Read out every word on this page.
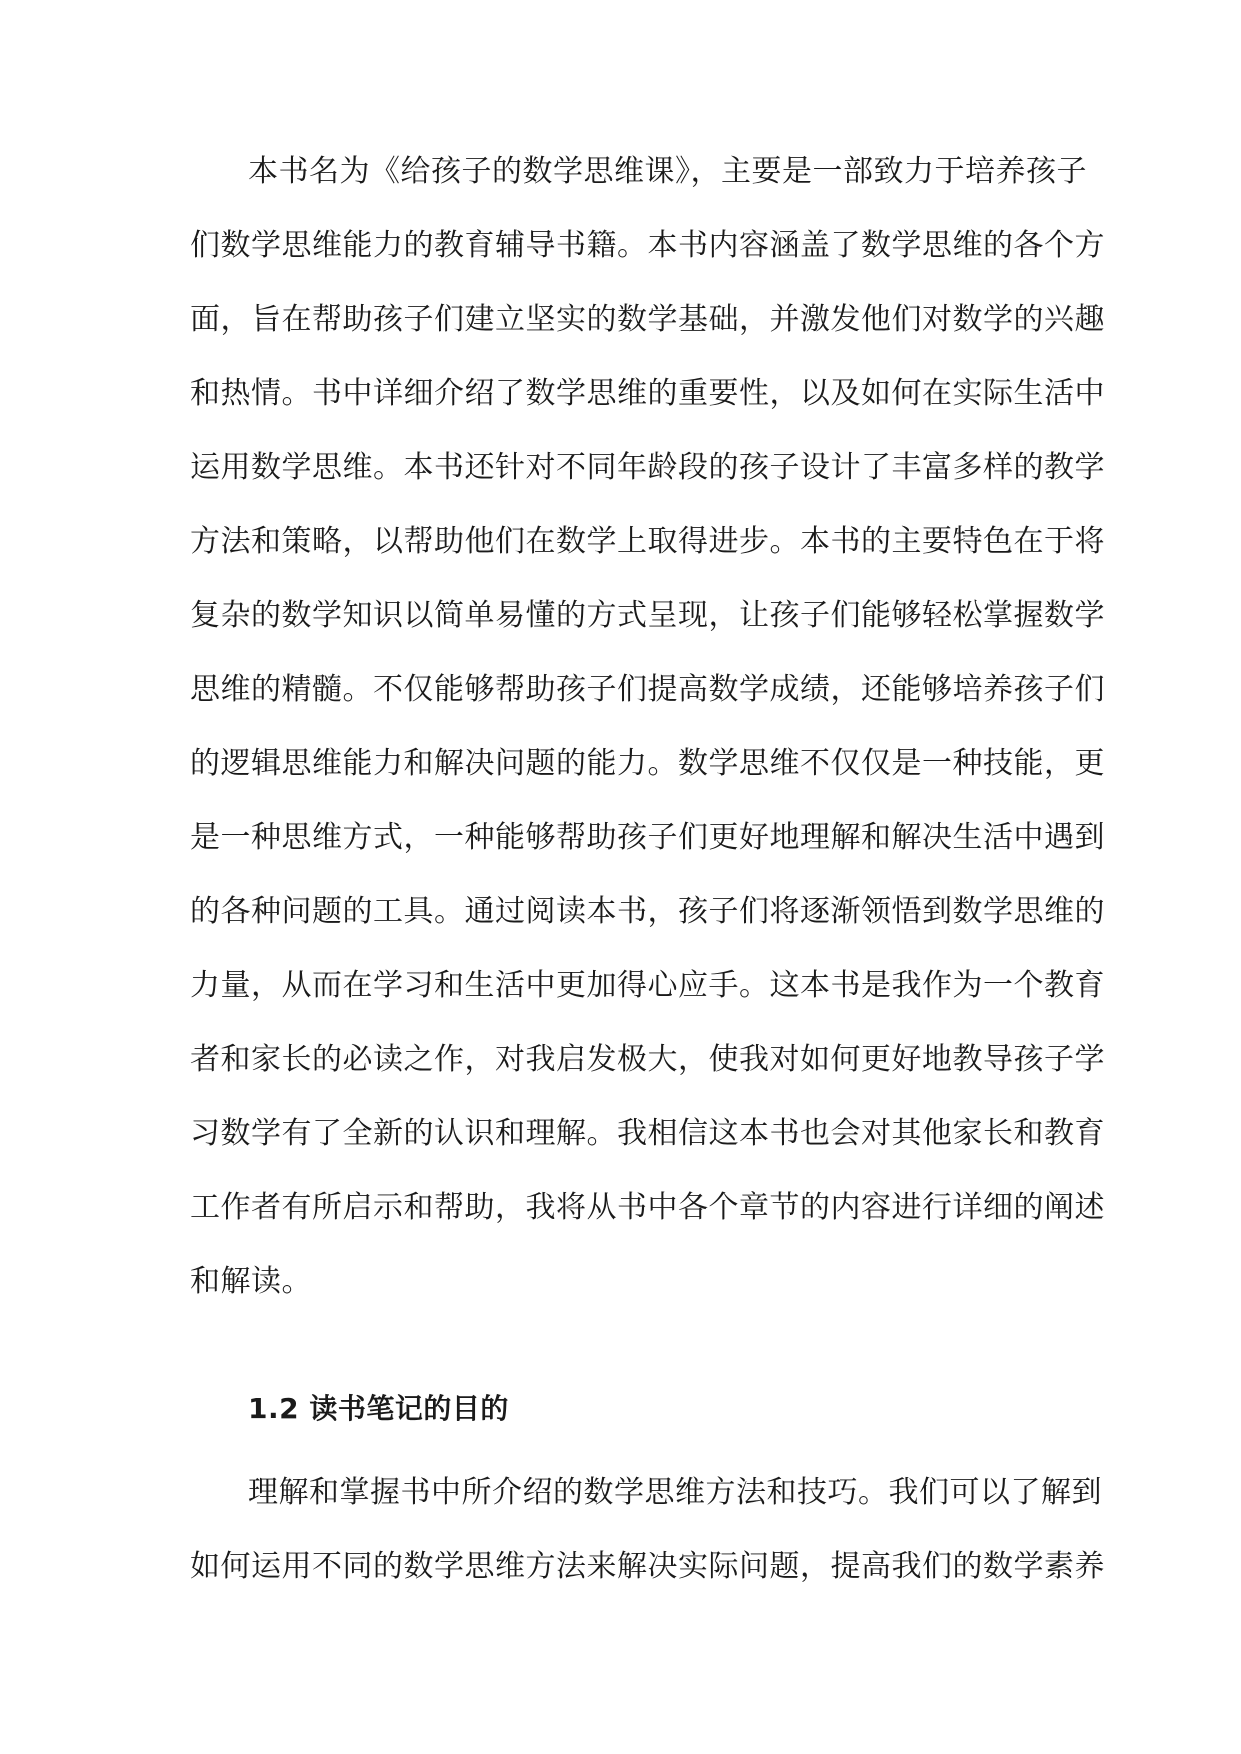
本书名为《给孩子的数学思维课》，主要是一部致力于培养孩子
们数学思维能力的教育辅导书籍。本书内容涵盖了数学思维的各个方
面，旨在帮助孩子们建立坚实的数学基础，并激发他们对数学的兴趣
和热情。书中详细介绍了数学思维的重要性，以及如何在实际生活中
运用数学思维。本书还针对不同年龄段的孩子设计了丰富多样的教学
方法和策略，以帮助他们在数学上取得进步。本书的主要特色在于将
复杂的数学知识以简单易懂的方式呈现，让孩子们能够轻松掌握数学
思维的精髓。不仅能够帮助孩子们提高数学成绩，还能够培养孩子们
的逻辑思维能力和解决问题的能力。数学思维不仅仅是一种技能，更
是一种思维方式，一种能够帮助孩子们更好地理解和解决生活中遇到
的各种问题的工具。通过阅读本书，孩子们将逐渐领悟到数学思维的
力量，从而在学习和生活中更加得心应手。这本书是我作为一个教育
者和家长的必读之作，对我启发极大，使我对如何更好地教导孩子学
习数学有了全新的认识和理解。我相信这本书也会对其他家长和教育
工作者有所启示和帮助，我将从书中各个章节的内容进行详细的阐述
和解读。

1.2 读书笔记的目的

理解和掌握书中所介绍的数学思维方法和技巧。我们可以了解到
如何运用不同的数学思维方法来解决实际问题，提高我们的数学素养
